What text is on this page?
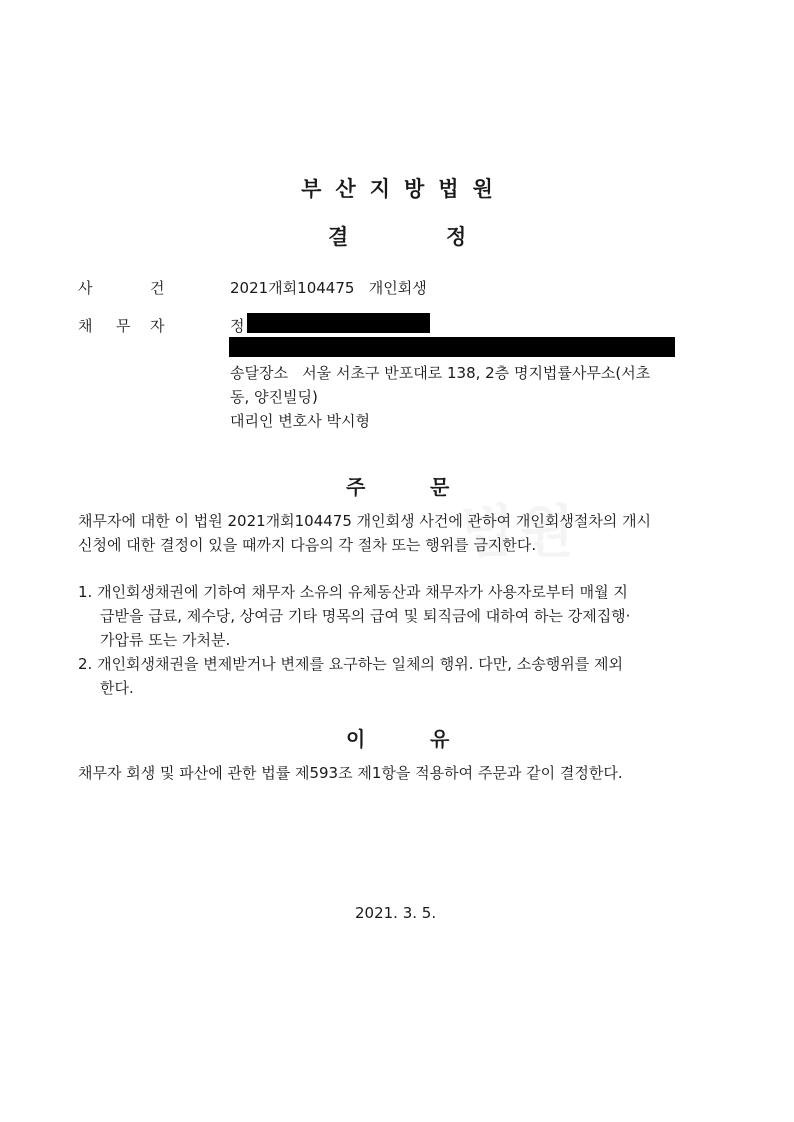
법원
부산지방법원
결	정
사	건	2021개회104475   개인회생
채 무 자	정
송달장소   서울 서초구 반포대로 138, 2층 명지법률사무소(서초
동, 양진빌딩)
대리인 변호사 박시형
주	문
채무자에 대한 이 법원 2021개회104475 개인회생 사건에 관하여 개인회생절차의 개시
신청에 대한 결정이 있을 때까지 다음의 각 절차 또는 행위를 금지한다.
1. 개인회생채권에 기하여 채무자 소유의 유체동산과 채무자가 사용자로부터 매월 지
급받을 급료, 제수당, 상여금 기타 명목의 급여 및 퇴직금에 대하여 하는 강제집행·
가압류 또는 가처분.
2. 개인회생채권을 변제받거나 변제를 요구하는 일체의 행위. 다만, 소송행위를 제외
한다.
이	유
채무자 회생 및 파산에 관한 법률 제593조 제1항을 적용하여 주문과 같이 결정한다.
2021. 3. 5.
